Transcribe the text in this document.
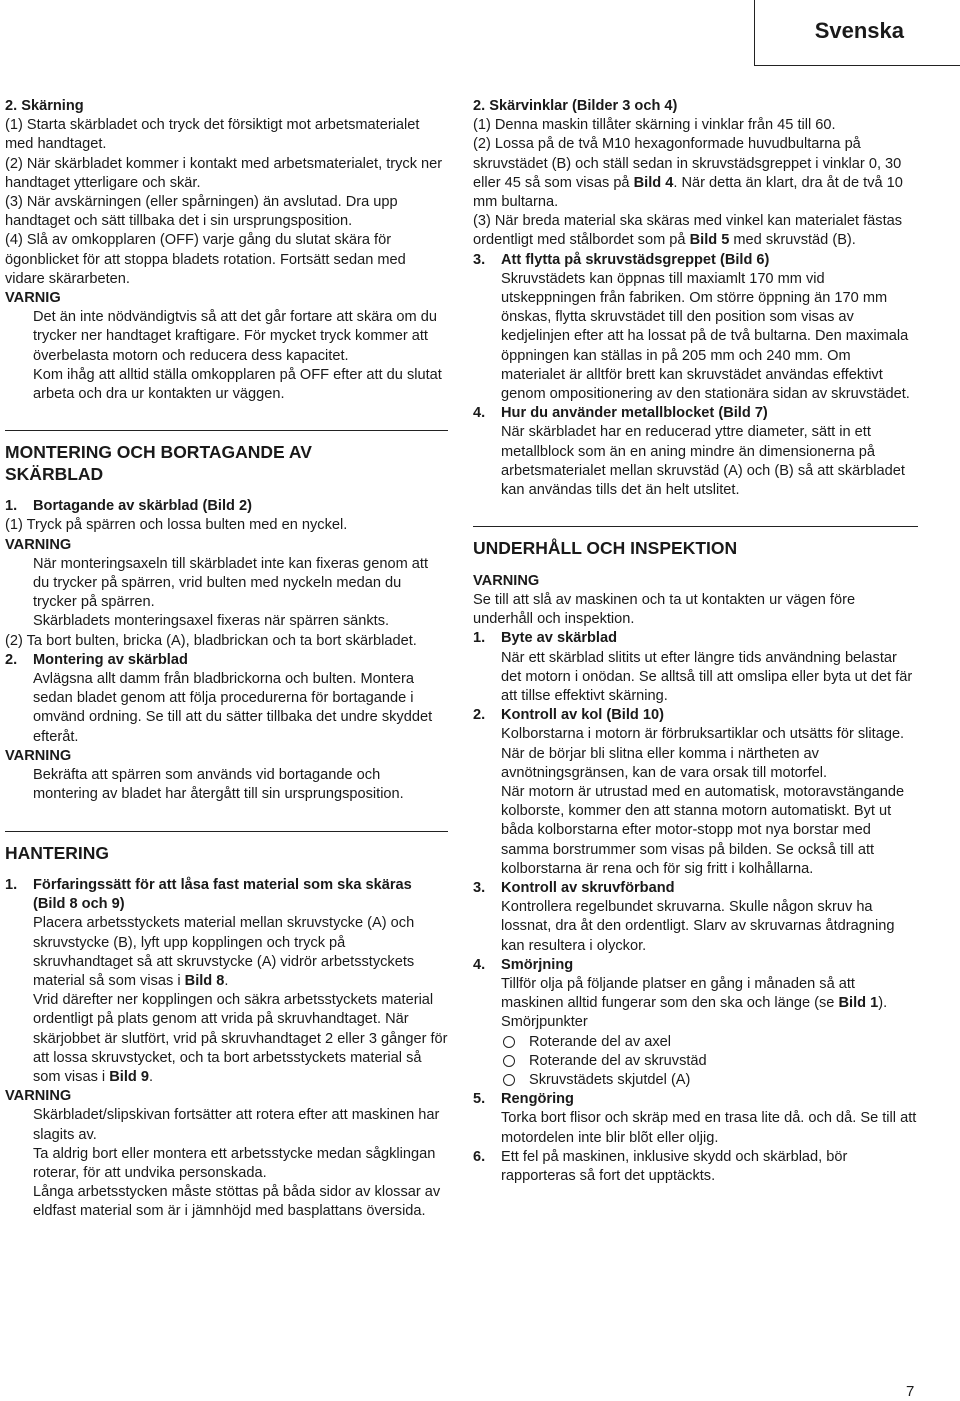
Svenska

2. Skärning

(1) Starta skärbladet och tryck det försiktigt mot arbetsmaterialet med handtaget.

(2) När skärbladet kommer i kontakt med arbetsmaterialet, tryck ner handtaget ytterligare och skär.

(3) När avskärningen (eller spårningen) än avslutad. Dra upp handtaget och sätt tillbaka det i sin ursprungsposition.

(4) Slå av omkopplaren (OFF) varje gång du slutat skära för ögonblicket för att stoppa bladets rotation. Fortsätt sedan med vidare skärarbeten.

VARNIG

Det än inte nödvändigtvis så att det går fortare att skära om du trycker ner handtaget kraftigare. För mycket tryck kommer att överbelasta motorn och reducera dess kapacitet.

Kom ihåg att alltid ställa omkopplaren på OFF efter att du slutat arbeta och dra ur kontakten ur väggen.

MONTERING OCH BORTAGANDE AV
SKÄRBLAD

1. Bortagande av skärblad (Bild 2)

(1) Tryck på spärren och lossa bulten med en nyckel.

VARNING

När monteringsaxeln till skärbladet inte kan fixeras genom att du trycker på spärren, vrid bulten med nyckeln medan du trycker på spärren.

Skärbladets monteringsaxel fixeras när spärren sänkts.

(2) Ta bort bulten, bricka (A), bladbrickan och ta bort skärbladet.

2. Montering av skärblad

Avlägsna allt damm från bladbrickorna och bulten. Montera sedan bladet genom att följa procedurerna för bortagande i omvänd ordning. Se till att du sätter tillbaka det undre skyddet efteråt.

VARNING

Bekräfta att spärren som används vid bortagande och montering av bladet har återgått till sin ursprungsposition.

HANTERING

1. Förfaringssätt för att låsa fast material som ska skäras (Bild 8 och 9)

Placera arbetsstyckets material mellan skruvstycke (A) och skruvstycke (B), lyft upp kopplingen och tryck på skruvhandtaget så att skruvstycke (A) vidrör arbetsstyckets material så som visas i Bild 8.

Vrid därefter ner kopplingen och säkra arbetsstyckets material ordentligt på plats genom att vrida på skruvhandtaget. När skärjobbet är slutfört, vrid på skruvhandtaget 2 eller 3 gånger för att lossa skruvstycket, och ta bort arbetsstyckets material så som visas i Bild 9.

VARNING

Skärbladet/slipskivan fortsätter att rotera efter att maskinen har slagits av.

Ta aldrig bort eller montera ett arbetsstycke medan sågklingan roterar, för att undvika personskada.

Långa arbetsstycken måste stöttas på båda sidor av klossar av eldfast material som är i jämnhöjd med basplattans översida.

2. Skärvinklar (Bilder 3 och 4)

(1) Denna maskin tillåter skärning i vinklar från 45 till 60.

(2) Lossa på de två M10 hexagonformade huvudbultarna på skruvstädet (B) och ställ sedan in skruvstädsgreppet i vinklar 0, 30 eller 45 så som visas på Bild 4. När detta än klart, dra åt de två 10 mm bultarna.

(3) När breda material ska skäras med vinkel kan materialet fästas ordentligt med stålbordet som på Bild 5 med skruvstäd (B).

3. Att flytta på skruvstädsgreppet (Bild 6)

Skruvstädets kan öppnas till maxiamlt 170 mm vid utskeppningen från fabriken. Om större öppning än 170 mm önskas, flytta skruvstädet till den position som visas av kedjelinjen efter att ha lossat på de två bultarna. Den maximala öppningen kan ställas in på 205 mm och 240 mm. Om materialet är alltför brett kan skruvstädet användas effektivt genom ompositionering av den stationära sidan av skruvstädet.

4. Hur du använder metallblocket (Bild 7)

När skärbladet har en reducerad yttre diameter, sätt in ett metallblock som än en aning mindre än dimensionerna på arbetsmaterialet mellan skruvstäd (A) och (B) så att skärbladet kan användas tills det än helt utslitet.

UNDERHÅLL OCH INSPEKTION

VARNING

Se till att slå av maskinen och ta ut kontakten ur vägen före underhåll och inspektion.

1. Byte av skärblad

När ett skärblad slitits ut efter längre tids användning belastar det motorn i onödan. Se alltså till att omslipa eller byta ut det fär att tillse effektivt skärning.

2. Kontroll av kol (Bild 10)

Kolborstarna i motorn är förbruksartiklar och utsätts för slitage. När de börjar bli slitna eller komma i närtheten av avnötningsgränsen, kan de vara orsak till motorfel.

När motorn är utrustad med en automatisk, motoravstängande kolborste, kommer den att stanna motorn automatiskt. Byt ut båda kolborstarna efter motor-stopp mot nya borstar med samma borstrummer som visas på bilden. Se också till att kolborstarna är rena och för sig fritt i kolhållarna.

3. Kontroll av skruvförband

Kontrollera regelbundet skruvarna. Skulle någon skruv ha lossnat, dra åt den ordentligt. Slarv av skruvarnas åtdragning kan resultera i olyckor.

4. Smörjning

Tillför olja på följande platser en gång i månaden så att maskinen alltid fungerar som den ska och länge (se Bild 1).

Smörjpunkter

Roterande del av axel

Roterande del av skruvstäd

Skruvstädets skjutdel (A)

5. Rengöring

Torka bort flisor och skräp med en trasa lite då. och då. Se till att motordelen inte blir blõt eller oljig.

6. Ett fel på maskinen, inklusive skydd och skärblad, bör rapporteras så fort det upptäckts.

7
